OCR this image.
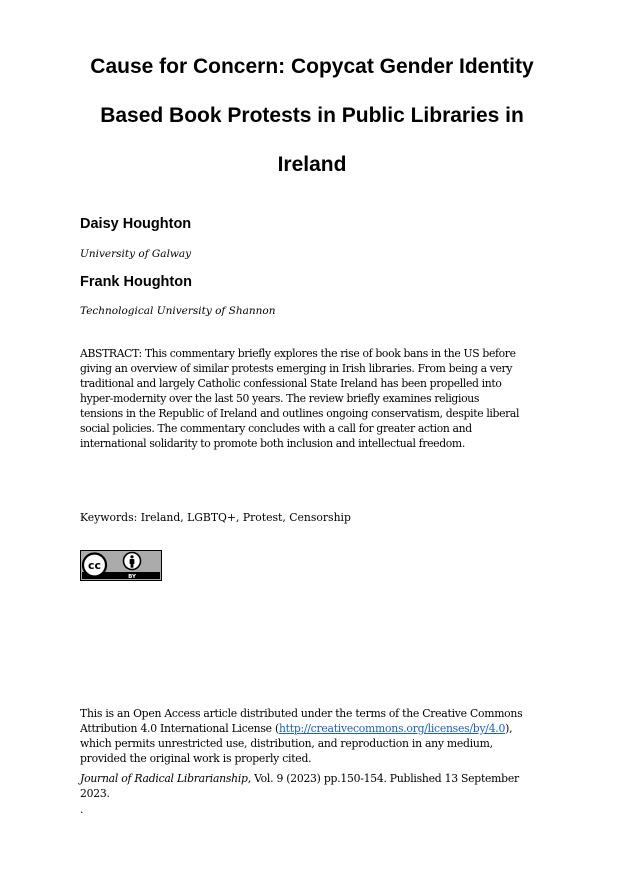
Cause for Concern: Copycat Gender Identity
Based Book Protests in Public Libraries in
Ireland
Daisy Houghton
University of Galway
Frank Houghton
Technological University of Shannon
ABSTRACT: This commentary briefly explores the rise of book bans in the US before
giving an overview of similar protests emerging in Irish libraries. From being a very
traditional and largely Catholic confessional State Ireland has been propelled into
hyper-modernity over the last 50 years. The review briefly examines religious
tensions in the Republic of Ireland and outlines ongoing conservatism, despite liberal
social policies. The commentary concludes with a call for greater action and
international solidarity to promote both inclusion and intellectual freedom.
Keywords: Ireland, LGBTQ+, Protest, Censorship
cc
BY
This is an Open Access article distributed under the terms of the Creative Commons
Attribution 4.0 International License (http://creativecommons.org/licenses/by/4.0),
which permits unrestricted use, distribution, and reproduction in any medium,
provided the original work is properly cited.
Journal of Radical Librarianship, Vol. 9 (2023) pp.150-154. Published 13 September
2023.
.
